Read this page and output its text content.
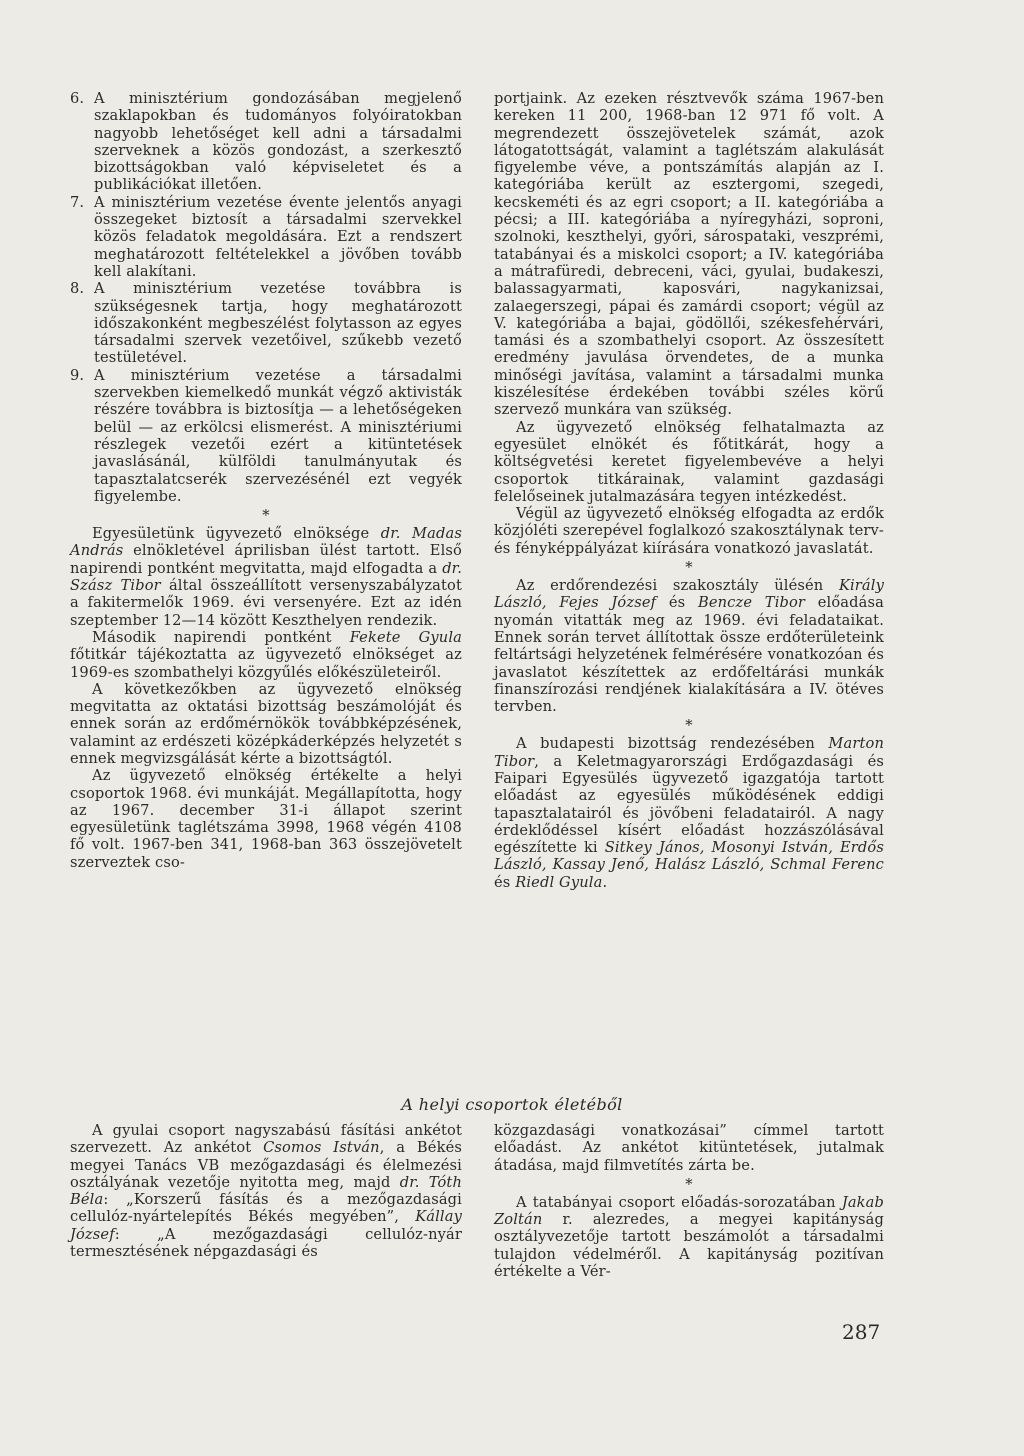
6. A minisztérium gondozásában megjelenő szaklapokban és tudományos folyóiratokban nagyobb lehetőséget kell adni a társadalmi szerveknek a közös gondozást, a szerkesztő bizottságokban való képviseletet és a publikációkat illetően.
7. A minisztérium vezetése évente jelentős anyagi összegeket biztosít a társadalmi szervekkel közös feladatok megoldására. Ezt a rendszert meghatározott feltételekkel a jövőben tovább kell alakítani.
8. A minisztérium vezetése továbbra is szükségesnek tartja, hogy meghatározott időszakonként megbeszélést folytasson az egyes társadalmi szervek vezetőivel, szűkebb vezető testületével.
9. A minisztérium vezetése a társadalmi szervekben kiemelkedő munkát végző aktivisták részére továbbra is biztosítja — a lehetőségeken belül — az erkölcsi elismerést. A minisztériumi részlegek vezetői ezért a kitüntetések javaslásánál, külföldi tanulmányutak és tapasztalatcserék szervezésénél ezt vegyék figyelembe.
*

Egyesületünk ügyvezető elnöksége dr. Madas András elnökletével áprilisban ülést tartott. Első napirendi pontként megvitatta, majd elfogadta a dr. Szász Tibor által összeállított versenyszabályzatot a fakitermelők 1969. évi versenyére. Ezt az idén szeptember 12—14 között Keszthelyen rendezik.

Második napirendi pontként Fekete Gyula főtitkár tájékoztatta az ügyvezető elnökséget az 1969-es szombathelyi közgyűlés előkészületeiről.

A következőkben az ügyvezető elnökség megvitatta az oktatási bizottság beszámolóját és ennek során az erdőmérnökök továbbképzésének, valamint az erdészeti középkáderképzés helyzetét s ennek megvizsgálását kérte a bizottságtól.

Az ügyvezető elnökség értékelte a helyi csoportok 1968. évi munkáját. Megállapította, hogy az 1967. december 31-i állapot szerint egyesületünk taglétszáma 3998, 1968 végén 4108 fő volt. 1967-ben 341, 1968-ban 363 összejövetelt szerveztek cso-

portjaink. Az ezeken résztvevők száma 1967-ben kereken 11 200, 1968-ban 12 971 fő volt. A megrendezett összejövetelek számát, azok látogatottságát, valamint a taglétszám alakulását figyelembe véve, a pontszámítás alapján az I. kategóriába került az esztergomi, szegedi, kecskeméti és az egri csoport; a II. kategóriába a pécsi; a III. kategóriába a nyíregyházi, soproni, szolnoki, keszthelyi, győri, sárospataki, veszprémi, tatabányai és a miskolci csoport; a IV. kategóriába a mátrafüredi, debreceni, váci, gyulai, budakeszi, balassagyarmati, kaposvári, nagykanizsai, zalaegerszegi, pápai és zamárdi csoport; végül az V. kategóriába a bajai, gödöllői, székesfehérvári, tamási és a szombathelyi csoport. Az összesített eredmény javulása örvendetes, de a munka minőségi javítása, valamint a társadalmi munka kiszélesítése érdekében további széles körű szervező munkára van szükség.

Az ügyvezető elnökség felhatalmazta az egyesület elnökét és főtitkárát, hogy a költségvetési keretet figyelembevéve a helyi csoportok titkárainak, valamint gazdasági felelőseinek jutalmazására tegyen intézkedést.

Végül az ügyvezető elnökség elfogadta az erdők közjóléti szerepével foglalkozó szakosztálynak terv- és fényképpályázat kiírására vonatkozó javaslatát.

*

Az erdőrendezési szakosztály ülésén Király László, Fejes József és Bencze Tibor előadása nyomán vitatták meg az 1969. évi feladataikat. Ennek során tervet állítottak össze erdőterületeink feltártsági helyzetének felmérésére vonatkozóan és javaslatot készítettek az erdőfeltárási munkák finanszírozási rendjének kialakítására a IV. ötéves tervben.

*

A budapesti bizottság rendezésében Marton Tibor, a Keletmagyarországi Erdőgazdasági és Faipari Egyesülés ügyvezető igazgatója tartott előadást az egyesülés működésének eddigi tapasztalatairól és jövőbeni feladatairól. A nagy érdeklődéssel kísért előadást hozzászólásával egészítette ki Sitkey János, Mosonyi István, Erdős László, Kassay Jenő, Halász László, Schmal Ferenc és Riedl Gyula.

A helyi csoportok életéből

A gyulai csoport nagyszabású fásítási ankétot szervezett. Az ankétot Csomos István, a Békés megyei Tanács VB mezőgazdasági és élelmezési osztályának vezetője nyitotta meg, majd dr. Tóth Béla: „Korszerű fásítás és a mezőgazdasági cellulóz-nyártelepítés Békés megyében”, Kállay József: „A mezőgazdasági cellulóz-nyár termesztésének népgazdasági és

közgazdasági vonatkozásai” címmel tartott előadást. Az ankétot kitüntetések, jutalmak átadása, majd filmvetítés zárta be.

*

A tatabányai csoport előadás-sorozatában Jakab Zoltán r. alezredes, a megyei kapitányság osztályvezetője tartott beszámolót a társadalmi tulajdon védelméről. A kapitányság pozitívan értékelte a Vér-

287
